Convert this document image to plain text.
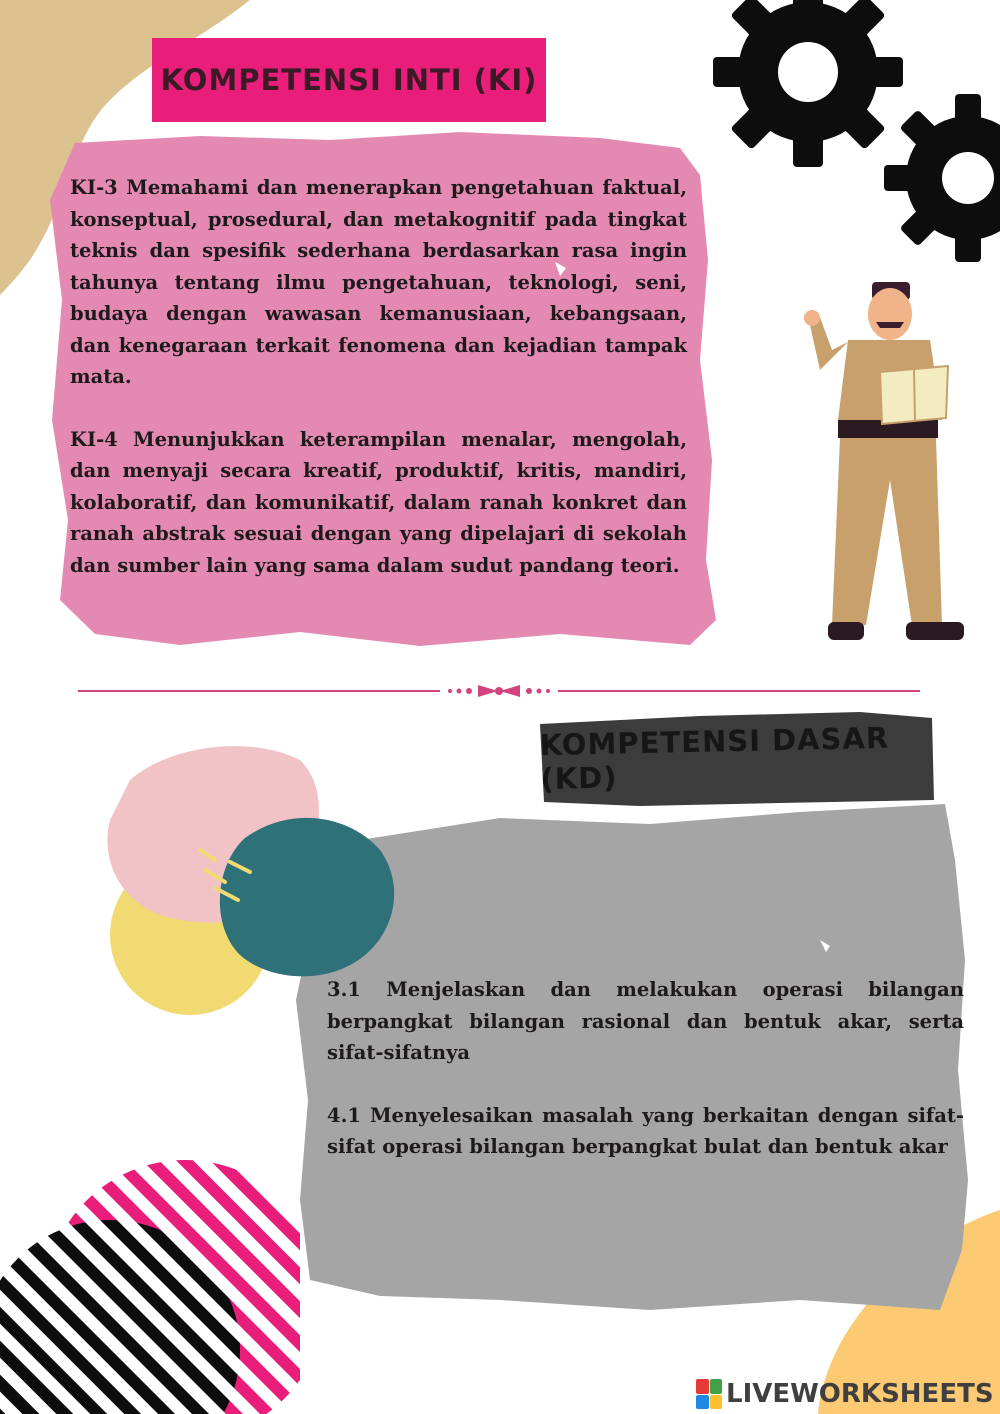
KOMPETENSI INTI (KI)

KI-3 Memahami dan menerapkan pengetahuan faktual, konseptual, prosedural, dan metakognitif pada tingkat teknis dan spesifik sederhana berdasarkan rasa ingin tahunya tentang ilmu pengetahuan, teknologi, seni, budaya dengan wawasan kemanusiaan, kebangsaan, dan kenegaraan terkait fenomena dan kejadian tampak mata.

KI-4 Menunjukkan keterampilan menalar, mengolah, dan menyaji secara kreatif, produktif, kritis, mandiri, kolaboratif, dan komunikatif, dalam ranah konkret dan ranah abstrak sesuai dengan yang dipelajari di sekolah dan sumber lain yang sama dalam sudut pandang teori.

KOMPETENSI DASAR (KD)

3.1 Menjelaskan dan melakukan operasi bilangan berpangkat bilangan rasional dan bentuk akar, serta sifat-sifatnya

4.1 Menyelesaikan masalah yang berkaitan dengan sifat-sifat operasi bilangan berpangkat bulat dan bentuk akar

LIVEWORKSHEETS
